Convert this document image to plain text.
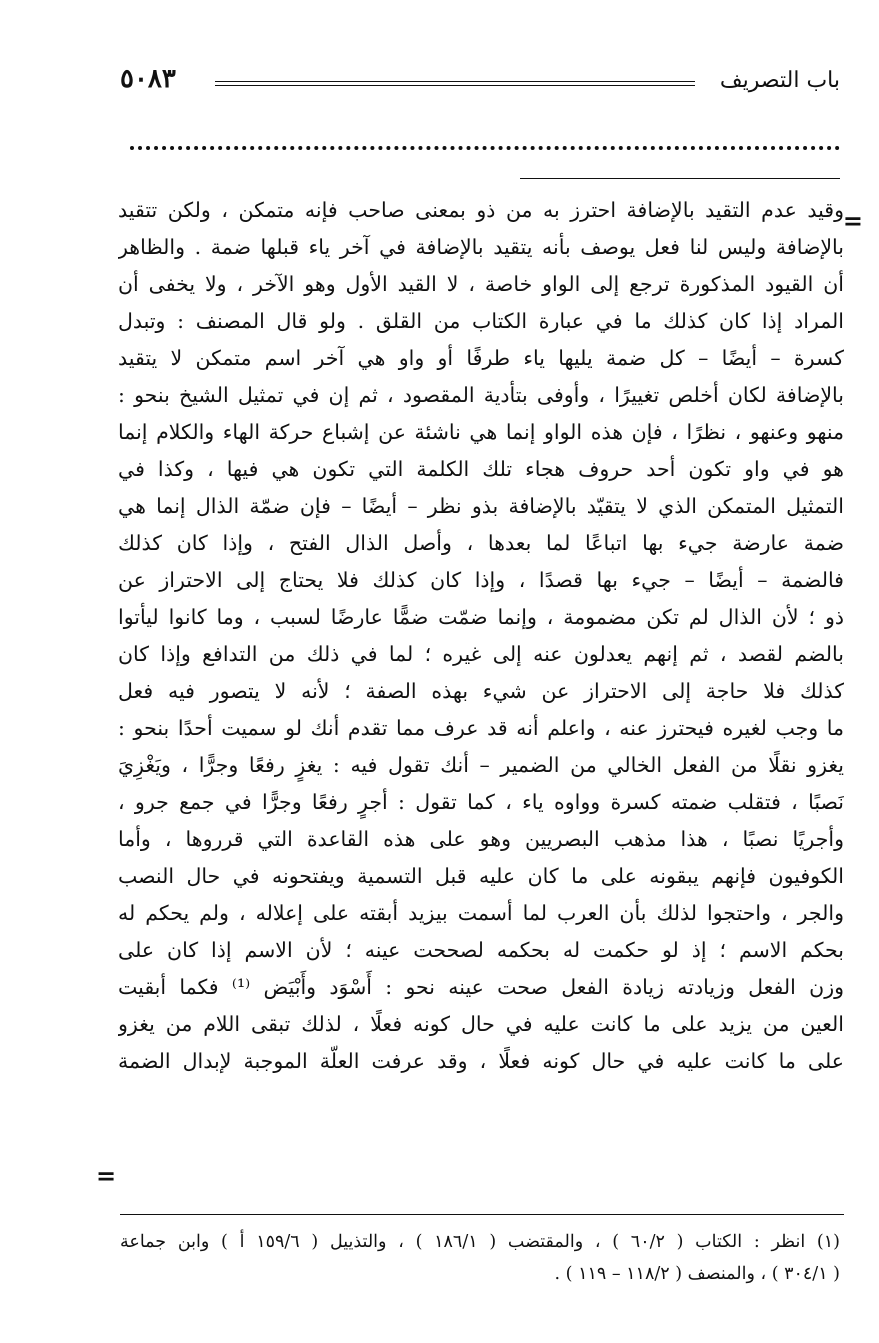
باب التصريف
٥٠٨٣
=
وقيد عدم التقيد بالإضافة احترز به من ذو بمعنى صاحب فإنه متمكن ، ولكن تتقيد
بالإضافة وليس لنا فعل يوصف بأنه يتقيد بالإضافة في آخر ياء قبلها ضمة . والظاهر
أن القيود المذكورة ترجع إلى الواو خاصة ، لا القيد الأول وهو الآخر ، ولا يخفى أن
المراد إذا كان كذلك ما في عبارة الكتاب من القلق . ولو قال المصنف : وتبدل
كسرة – أيضًا – كل ضمة يليها ياء طرفًا أو واو هي آخر اسم متمكن لا يتقيد
بالإضافة لكان أخلص تغييرًا ، وأوفى بتأدية المقصود ، ثم إن في تمثيل الشيخ بنحو :
منهو وعنهو ، نظرًا ، فإن هذه الواو إنما هي ناشئة عن إشباع حركة الهاء والكلام إنما
هو في واو تكون أحد حروف هجاء تلك الكلمة التي تكون هي فيها ، وكذا في
التمثيل المتمكن الذي لا يتقيّد بالإضافة بذو نظر – أيضًا – فإن ضمّة الذال إنما هي
ضمة عارضة جيء بها اتباعًا لما بعدها ، وأصل الذال الفتح ، وإذا كان كذلك
فالضمة – أيضًا – جيء بها قصدًا ، وإذا كان كذلك فلا يحتاج إلى الاحتراز عن
ذو ؛ لأن الذال لم تكن مضمومة ، وإنما ضمّت ضمًّا عارضًا لسبب ، وما كانوا ليأتوا
بالضم لقصد ، ثم إنهم يعدلون عنه إلى غيره ؛ لما في ذلك من التدافع وإذا كان
كذلك فلا حاجة إلى الاحتراز عن شيء بهذه الصفة ؛ لأنه لا يتصور فيه فعل
ما وجب لغيره فيحترز عنه ، واعلم أنه قد عرف مما تقدم أنك لو سميت أحدًا بنحو :
يغزو نقلًا من الفعل الخالي من الضمير – أنك تقول فيه : يغزٍ رفعًا وجرًّا ، ويَغْزِيَ
نَصبًا ، فتقلب ضمته كسرة وواوه ياء ، كما تقول : أجرٍ رفعًا وجرًّا في جمع جرو ،
وأجريًا نصبًا ، هذا مذهب البصريين وهو على هذه القاعدة التي قرروها ، وأما
الكوفيون فإنهم يبقونه على ما كان عليه قبل التسمية ويفتحونه في حال النصب
والجر ، واحتجوا لذلك بأن العرب لما أسمت بيزيد أبقته على إعلاله ، ولم يحكم له
بحكم الاسم ؛ إذ لو حكمت له بحكمه لصححت عينه ؛ لأن الاسم إذا كان على
وزن الفعل وزيادته زيادة الفعل صحت عينه نحو : أَسْوَد وأَبْيَض ⁽¹⁾ فكما أبقيت
العين من يزيد على ما كانت عليه في حال كونه فعلًا ، لذلك تبقى اللام من يغزو
على ما كانت عليه في حال كونه فعلًا ، وقد عرفت العلّة الموجبة لإبدال الضمة
=
(١) انظر : الكتاب ( ٦٠/٢ ) ، والمقتضب ( ١٨٦/١ ) ، والتذييل ( ١٥٩/٦ أ ) وابن جماعة
( ٣٠٤/١ ) ، والمنصف ( ١١٨/٢ – ١١٩ ) .
